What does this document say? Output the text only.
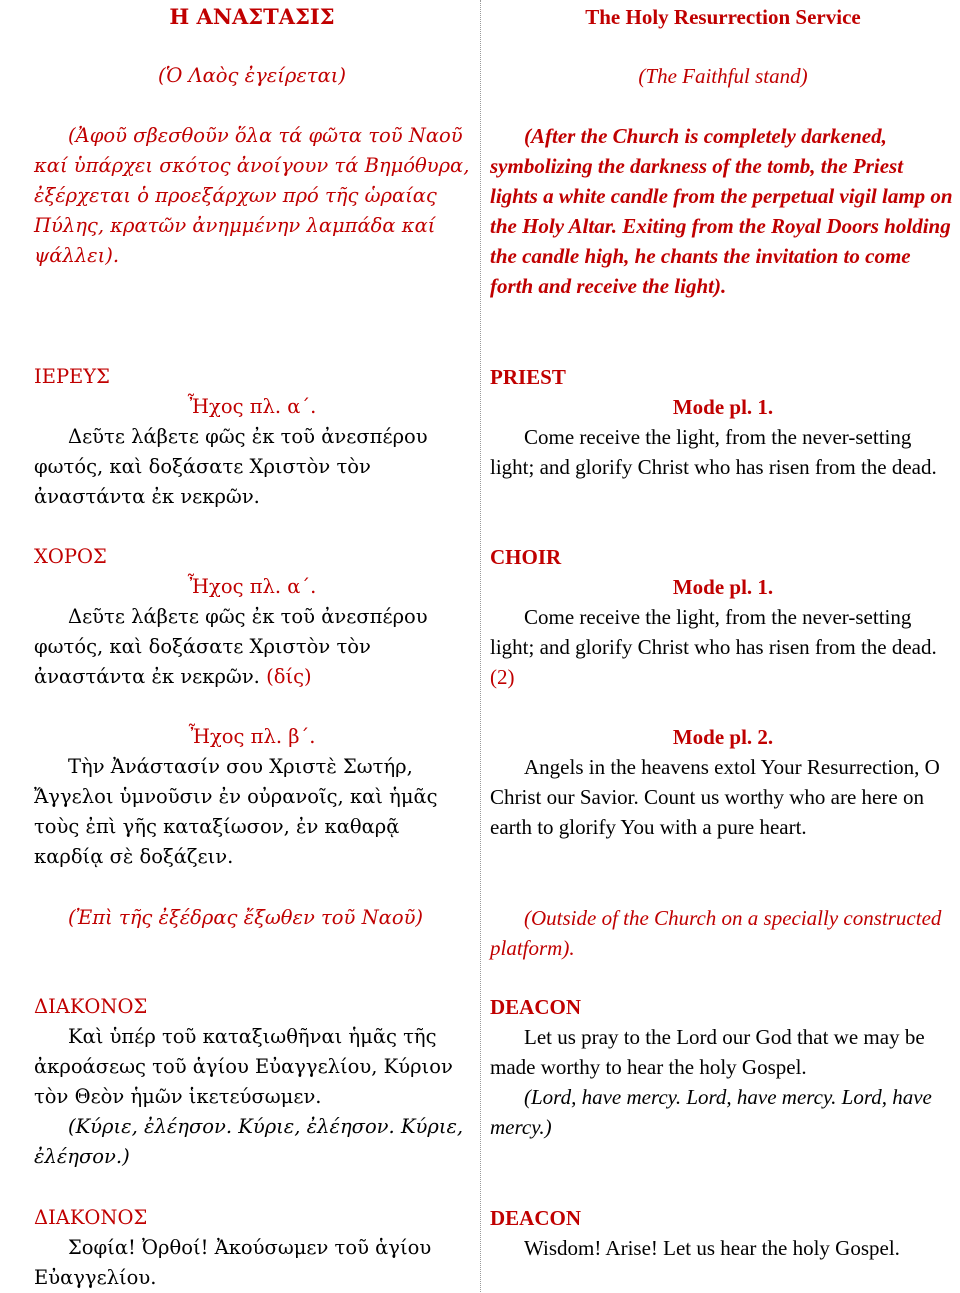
Η ΑΝΑΣΤΑΣΙΣ
(Ὁ Λαὸς ἐγείρεται)
(Ἀφοῦ σβεσθοῦν ὅλα τά φῶτα τοῦ Ναοῦ καί ὑπάρχει σκότος ἀνοίγουν τά Βημόθυρα, ἐξέρχεται ὁ προεξάρχων πρό τῆς ὡραίας Πύλης, κρατῶν ἀνημμένην λαμπάδα καί ψάλλει).
ΙΕΡΕΥΣ
Ἦχος πλ. α΄.
Δεῦτε λάβετε φῶς ἐκ τοῦ ἀνεσπέρου φωτός, καὶ δοξάσατε Χριστὸν τὸν ἀναστάντα ἐκ νεκρῶν.
ΧΟΡΟΣ
Ἦχος πλ. α΄.
Δεῦτε λάβετε φῶς ἐκ τοῦ ἀνεσπέρου φωτός, καὶ δοξάσατε Χριστὸν τὸν ἀναστάντα ἐκ νεκρῶν. (δίς)
Ἦχος πλ. β΄.
Τὴν Ἀνάστασίν σου Χριστὲ Σωτήρ, Ἄγγελοι ὑμνοῦσιν ἐν οὐρανοῖς, καὶ ἡμᾶς τοὺς ἐπὶ γῆς καταξίωσον, ἐν καθαρᾷ καρδίᾳ σὲ δοξάζειν.
(Ἐπὶ τῆς ἐξέδρας ἔξωθεν τοῦ Ναοῦ)
ΔΙΑΚΟΝΟΣ
Καὶ ὑπέρ τοῦ καταξιωθῆναι ἡμᾶς τῆς ἀκροάσεως τοῦ ἁγίου Εὐαγγελίου, Κύριον τὸν Θεὸν ἡμῶν ἱκετεύσωμεν.
(Κύριε, ἐλέησον. Κύριε, ἐλέησον. Κύριε, ἐλέησον.)
ΔΙΑΚΟΝΟΣ
Σοφία! Ὀρθοί! Ἀκούσωμεν τοῦ ἁγίου Εὐαγγελίου.
The Holy Resurrection Service
(The Faithful stand)
(After the Church is completely darkened, symbolizing the darkness of the tomb, the Priest lights a white candle from the perpetual vigil lamp on the Holy Altar. Exiting from the Royal Doors holding the candle high, he chants the invitation to come forth and receive the light).
PRIEST
Mode pl. 1.
Come receive the light, from the never-setting light; and glorify Christ who has risen from the dead.
CHOIR
Mode pl. 1.
Come receive the light, from the never-setting light; and glorify Christ who has risen from the dead. (2)
Mode pl. 2.
Angels in the heavens extol Your Resurrection, O Christ our Savior. Count us worthy who are here on earth to glorify You with a pure heart.
(Outside of the Church on a specially constructed platform).
DEACON
Let us pray to the Lord our God that we may be made worthy to hear the holy Gospel.
(Lord, have mercy. Lord, have mercy. Lord, have mercy.)
DEACON
Wisdom! Arise! Let us hear the holy Gospel.
